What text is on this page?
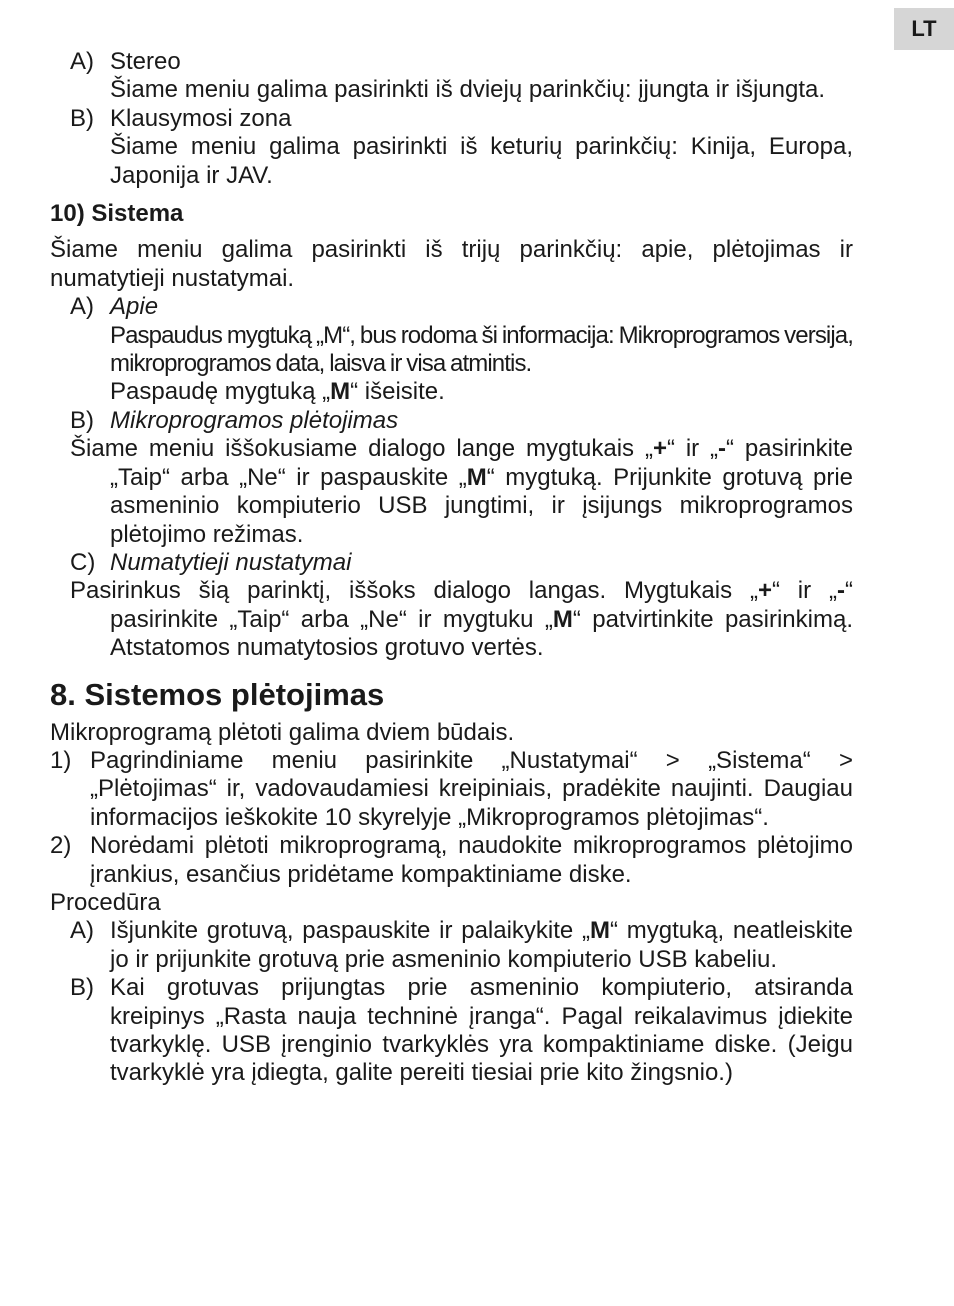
LT
A) Stereo

Šiame meniu galima pasirinkti iš dviejų parinkčių: įjungta ir išjungta.

B) Klausymosi zona

Šiame meniu galima pasirinkti iš keturių parinkčių: Kinija, Europa, Japonija ir JAV.

10) Sistema

Šiame meniu galima pasirinkti iš trijų parinkčių: apie, plėtojimas ir numatytieji nustatymai.

A) Apie

Paspaudus mygtuką „M“, bus rodoma ši informacija: Mikroprogramos versija, mikroprogramos data, laisva ir visa atmintis.

Paspaudę mygtuką „M“ išeisite.

B) Mikroprogramos plėtojimas

Šiame meniu iššokusiame dialogo lange mygtukais „+“ ir „-“ pasirinkite „Taip“ arba „Ne“ ir paspauskite „M“ mygtuką. Prijunkite grotuvą prie asmeninio kompiuterio USB jungtimi, ir įsijungs mikroprogramos plėtojimo režimas.

C) Numatytieji nustatymai

Pasirinkus šią parinktį, iššoks dialogo langas. Mygtukais „+“ ir „-“ pasirinkite „Taip“ arba „Ne“ ir mygtuku „M“ patvirtinkite pasirinkimą. Atstatomos numatytosios grotuvo vertės.

8. Sistemos plėtojimas

Mikroprogramą plėtoti galima dviem būdais.

1) Pagrindiniame meniu pasirinkite „Nustatymai“ > „Sistema“ > „Plėtojimas“ ir, vadovaudamiesi kreipiniais, pradėkite naujinti. Daugiau informacijos ieškokite 10 skyrelyje „Mikroprogramos plėtojimas“.
2) Norėdami plėtoti mikroprogramą, naudokite mikroprogramos plėtojimo įrankius, esančius pridėtame kompaktiniame diske.

Procedūra

A) Išjunkite grotuvą, paspauskite ir palaikykite „M“ mygtuką, neatleiskite jo ir prijunkite grotuvą prie asmeninio kompiuterio USB kabeliu.
B) Kai grotuvas prijungtas prie asmeninio kompiuterio, atsiranda kreipinys „Rasta nauja techninė įranga“. Pagal reikalavimus įdiekite tvarkyklę. USB įrenginio tvarkyklės yra kompaktiniame diske. (Jeigu tvarkyklė yra įdiegta, galite pereiti tiesiai prie kito žingsnio.)
